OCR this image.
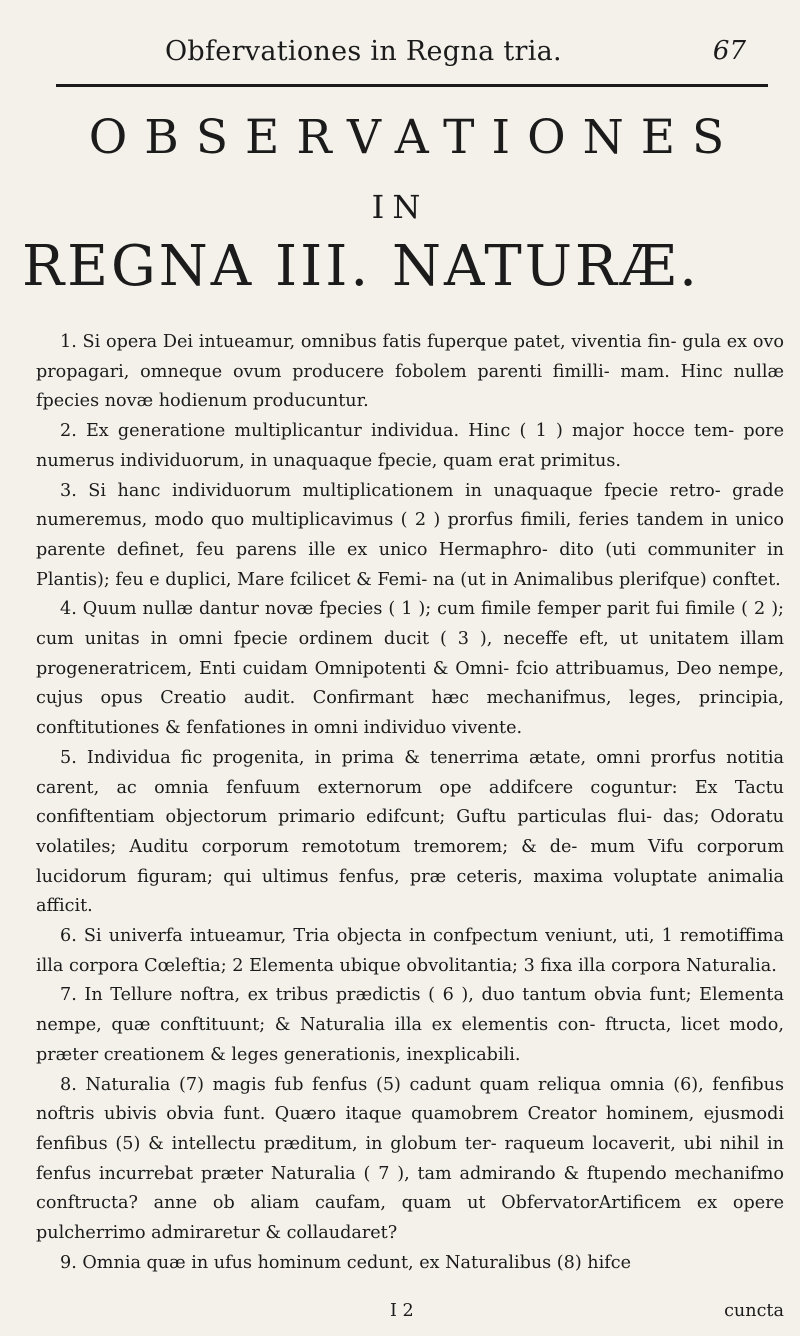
Obfervationes in Regna tria.	67
OBSERVATIONES
IN
REGNA III. NATURÆ.

1. Si opera Dei intueamur, omnibus fatis fuperque patet, viventia fin- gula ex ovo propagari, omneque ovum producere fobolem parenti fimilli- mam. Hinc nullæ fpecies novæ hodienum producuntur.

2. Ex generatione multiplicantur individua. Hinc ( 1 ) major hocce tem- pore numerus individuorum, in unaquaque fpecie, quam erat primitus.

3. Si hanc individuorum multiplicationem in unaquaque fpecie retro- grade numeremus, modo quo multiplicavimus ( 2 ) prorfus fimili, feries tandem in unico parente definet, feu parens ille ex unico Hermaphro- dito (uti communiter in Plantis); feu e duplici, Mare fcilicet & Femi- na (ut in Animalibus plerifque) conftet.

4. Quum nullæ dantur novæ fpecies ( 1 ); cum fimile femper parit fui fimile ( 2 ); cum unitas in omni fpecie ordinem ducit ( 3 ), neceffe eft, ut unitatem illam progeneratricem, Enti cuidam Omnipotenti & Omni- fcio attribuamus, Deo nempe, cujus opus Creatio audit. Confirmant hæc mechanifmus, leges, principia, conftitutiones & fenfationes in omni individuo vivente.

5. Individua fic progenita, in prima & tenerrima ætate, omni prorfus notitia carent, ac omnia fenfuum externorum ope addifcere coguntur: Ex Tactu confiftentiam objectorum primario edifcunt; Guftu particulas flui- das; Odoratu volatiles; Auditu corporum remototum tremorem; & de- mum Vifu corporum lucidorum figuram; qui ultimus fenfus, præ ceteris, maxima voluptate animalia afficit.

6. Si univerfa intueamur, Tria objecta in confpectum veniunt, uti, 1 remotiffima illa corpora Cœleftia; 2 Elementa ubique obvolitantia; 3 fixa illa corpora Naturalia.

7. In Tellure noftra, ex tribus prædictis ( 6 ), duo tantum obvia funt; Elementa nempe, quæ conftituunt; & Naturalia illa ex elementis con- ftructa, licet modo, præter creationem & leges generationis, inexplicabili.

8. Naturalia (7) magis fub fenfus (5) cadunt quam reliqua omnia (6), fenfibus noftris ubivis obvia funt. Quæro itaque quamobrem Creator hominem, ejusmodi fenfibus (5) & intellectu præditum, in globum ter- raqueum locaverit, ubi nihil in fenfus incurrebat præter Naturalia ( 7 ), tam admirando & ftupendo mechanifmo conftructa? anne ob aliam caufam, quam ut ObfervatorArtificem ex opere pulcherrimo admiraretur & collaudaret?

9. Omnia quæ in ufus hominum cedunt, ex Naturalibus (8) hifce

I 2	cuncta
